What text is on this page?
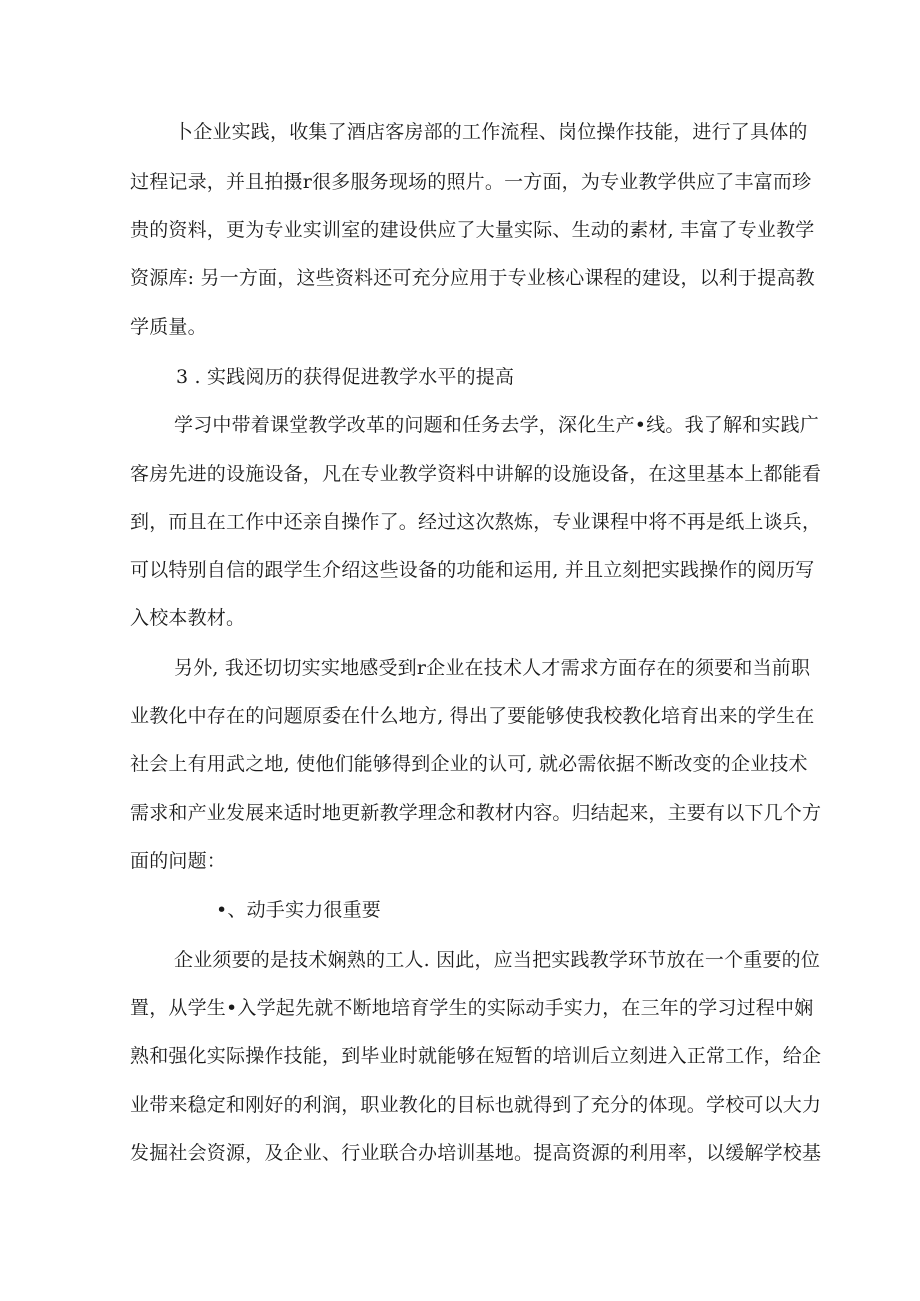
卜企业实践，收集了酒店客房部的工作流程、岗位操作技能，进行了具体的
过程记录，并且拍摄r很多服务现场的照片。一方面，为专业教学供应了丰富而珍
贵的资料，更为专业实训室的建设供应了大量实际、生动的素材, 丰富了专业教学
资源库: 另一方面，这些资料还可充分应用于专业核心课程的建设，以利于提高教
学质量。
3 . 实践阅历的获得促进教学水平的提高
学习中带着课堂教学改革的问题和任务去学，深化生产•线。我了解和实践广
客房先进的设施设备，凡在专业教学资料中讲解的设施设备，在这里基本上都能看
到，而且在工作中还亲自操作了。经过这次熬炼，专业课程中将不再是纸上谈兵，
可以特别自信的跟学生介绍这些设备的功能和运用, 并且立刻把实践操作的阅历写
入校本教材。
另外, 我还切切实实地感受到r企业在技术人才需求方面存在的须要和当前职
业教化中存在的问题原委在什么地方, 得出了要能够使我校教化培育出来的学生在
社会上有用武之地, 使他们能够得到企业的认可, 就必需依据不断改变的企业技术
需求和产业发展来适时地更新教学理念和教材内容。归结起来，主要有以下几个方
面的问题：
•、动手实力很重要
企业须要的是技术娴熟的工人. 因此，应当把实践教学环节放在一个重要的位
置，从学生•入学起先就不断地培育学生的实际动手实力，在三年的学习过程中娴
熟和强化实际操作技能，到毕业时就能够在短暂的培训后立刻进入正常工作，给企
业带来稳定和刚好的利润，职业教化的目标也就得到了充分的体现。学校可以大力
发掘社会资源，及企业、行业联合办培训基地。提高资源的利用率，以缓解学校基
